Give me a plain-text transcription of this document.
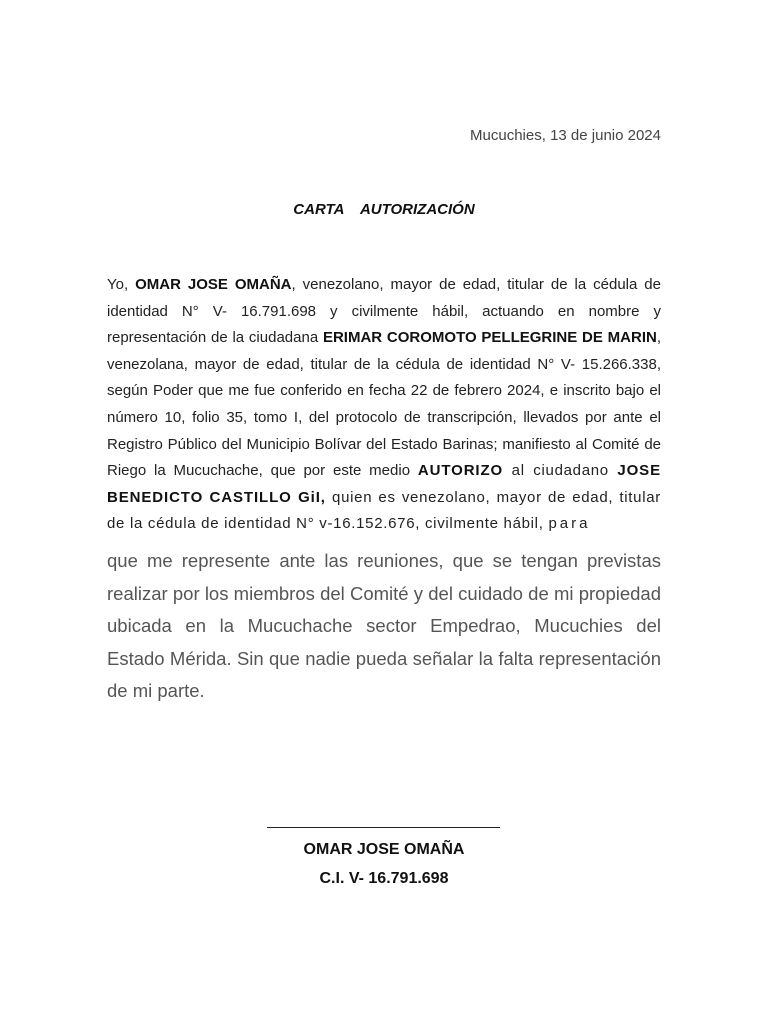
Mucuchies, 13 de junio 2024
CARTA    AUTORIZACIÓN
Yo, OMAR JOSE OMAÑA, venezolano, mayor de edad, titular de la cédula de identidad N° V- 16.791.698 y civilmente hábil, actuando en nombre y representación de la ciudadana ERIMAR COROMOTO PELLEGRINE DE MARIN, venezolana, mayor de edad, titular de la cédula de identidad N° V- 15.266.338, según Poder que me fue conferido en fecha 22 de febrero 2024, e inscrito bajo el número 10, folio 35, tomo I, del protocolo de transcripción, llevados por ante el Registro Público del Municipio Bolívar del Estado Barinas; manifiesto al Comité de Riego la Mucuchache, que por este medio AUTORIZO al ciudadano JOSE BENEDICTO CASTILLO GiI, quien es venezolano, mayor de edad, titular de la cédula de identidad N° v-16.152.676, civilmente hábil, para
que me represente ante las reuniones, que se tengan previstas realizar por los miembros del Comité y del cuidado de mi propiedad ubicada en la Mucuchache sector Empedrao, Mucuchies del Estado Mérida. Sin que nadie pueda señalar la falta representación de mi parte.
OMAR JOSE OMAÑA
C.I. V- 16.791.698
